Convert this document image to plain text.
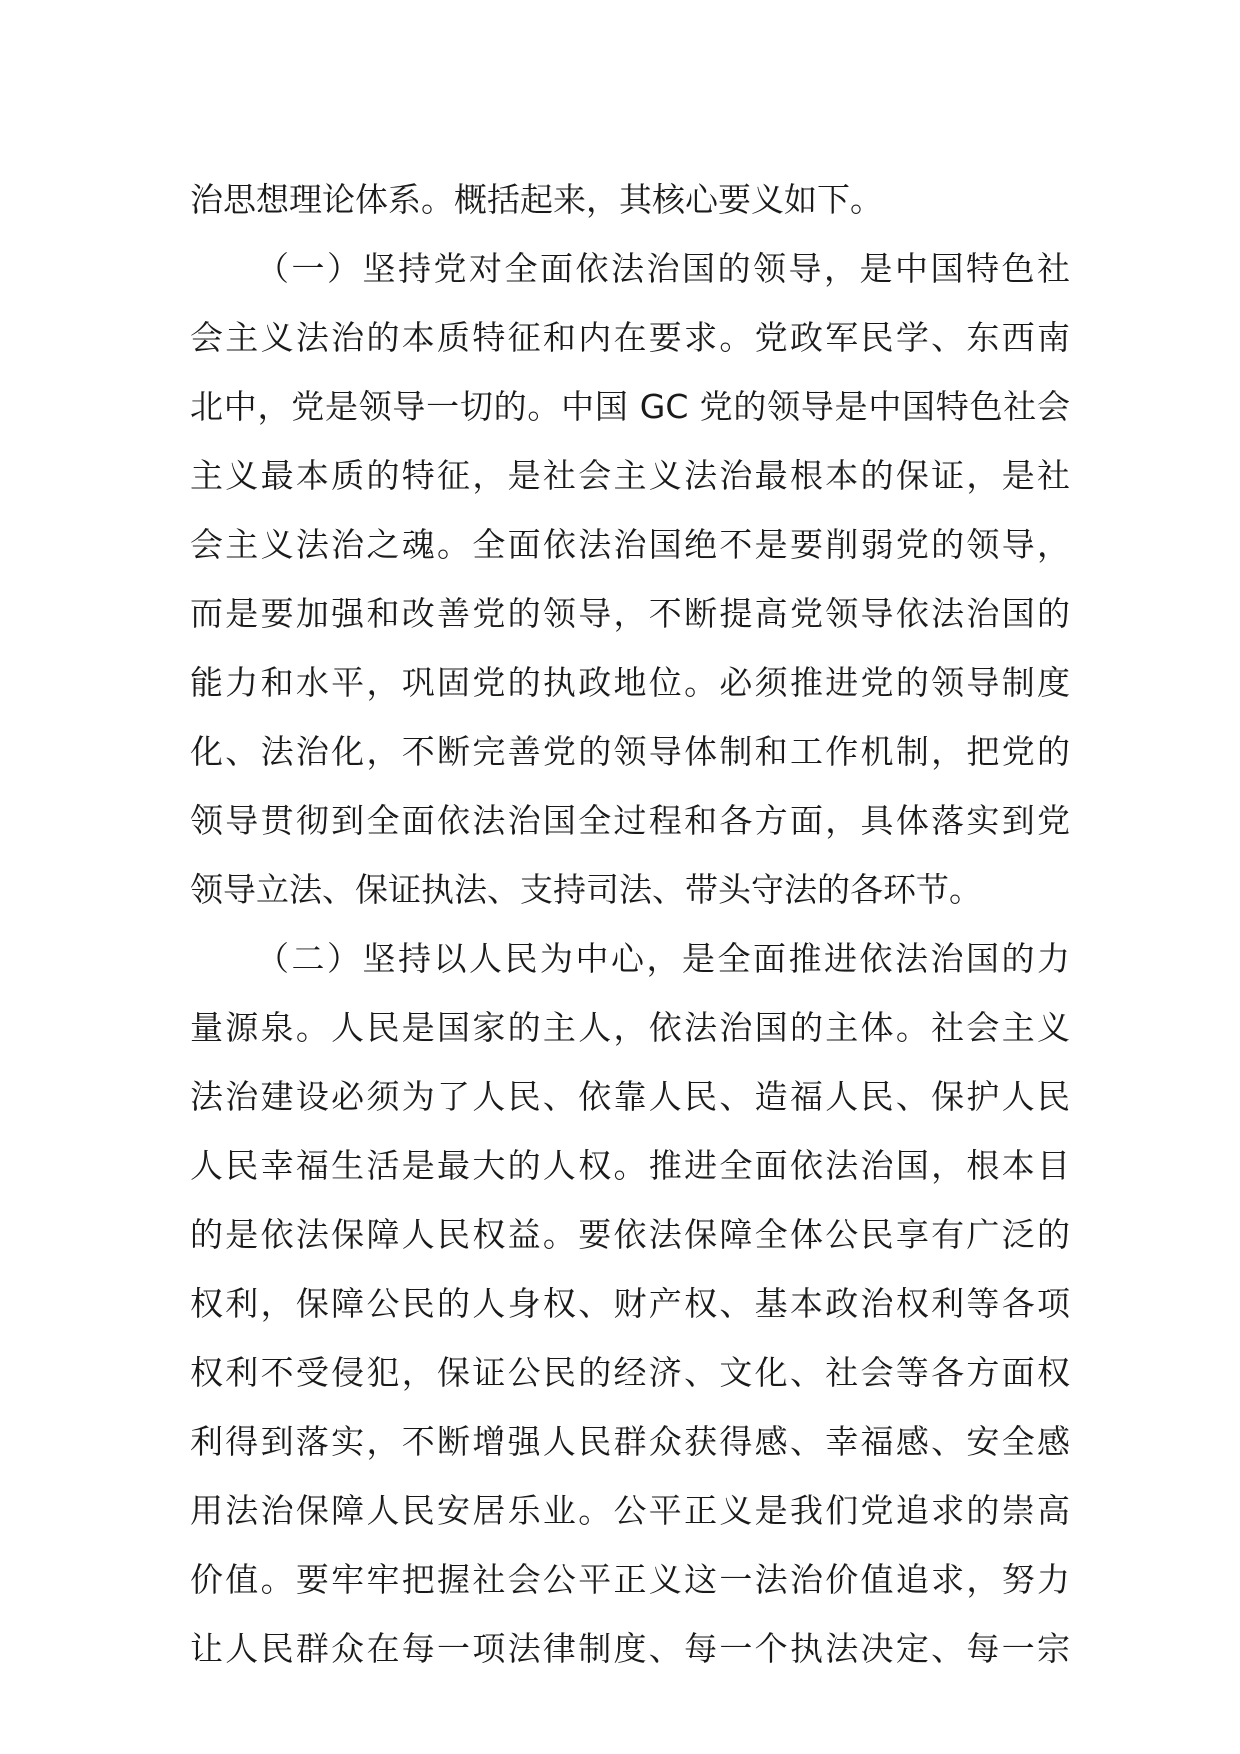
治思想理论体系。概括起来，其核心要义如下。
（一）坚持党对全面依法治国的领导，是中国特色社
会主义法治的本质特征和内在要求。党政军民学、东西南
北中，党是领导一切的。中国 GC 党的领导是中国特色社会
主义最本质的特征，是社会主义法治最根本的保证，是社
会主义法治之魂。全面依法治国绝不是要削弱党的领导，
而是要加强和改善党的领导，不断提高党领导依法治国的
能力和水平，巩固党的执政地位。必须推进党的领导制度
化、法治化，不断完善党的领导体制和工作机制，把党的
领导贯彻到全面依法治国全过程和各方面，具体落实到党
领导立法、保证执法、支持司法、带头守法的各环节。
（二）坚持以人民为中心，是全面推进依法治国的力
量源泉。人民是国家的主人，依法治国的主体。社会主义
法治建设必须为了人民、依靠人民、造福人民、保护人民
人民幸福生活是最大的人权。推进全面依法治国，根本目
的是依法保障人民权益。要依法保障全体公民享有广泛的
权利，保障公民的人身权、财产权、基本政治权利等各项
权利不受侵犯，保证公民的经济、文化、社会等各方面权
利得到落实，不断增强人民群众获得感、幸福感、安全感
用法治保障人民安居乐业。公平正义是我们党追求的崇高
价值。要牢牢把握社会公平正义这一法治价值追求，努力
让人民群众在每一项法律制度、每一个执法决定、每一宗
